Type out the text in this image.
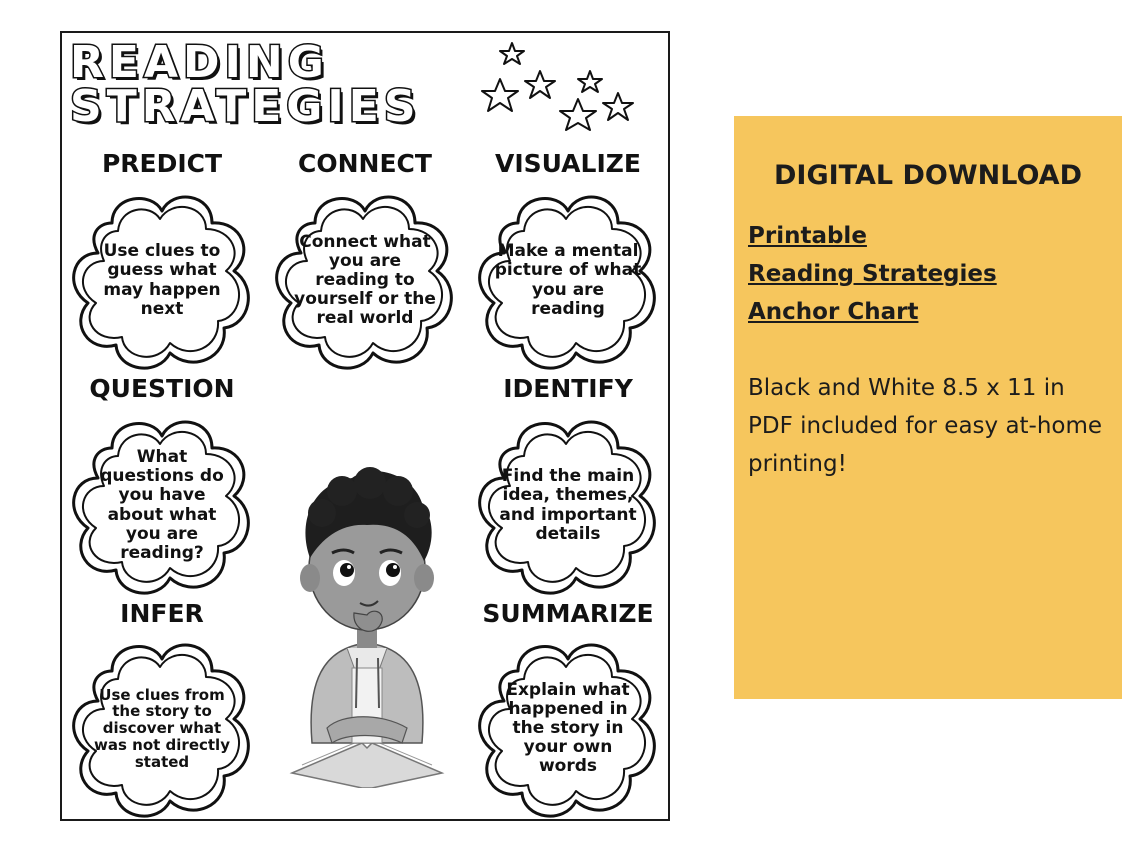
READING
STRATEGIES
PREDICT
Use clues to guess what may happen next
CONNECT
Connect what you are reading to yourself or the real world
VISUALIZE
Make a mental picture of what you are reading
QUESTION
What questions do you have about what you are reading?
IDENTIFY
Find the main idea, themes, and important details
INFER
Use clues from the story to discover what was not directly stated
SUMMARIZE
Explain what happened in the story in your own words
DIGITAL DOWNLOAD
Printable
Reading Strategies
Anchor Chart
Black and White 8.5 x 11 in PDF included for easy at-home printing!
